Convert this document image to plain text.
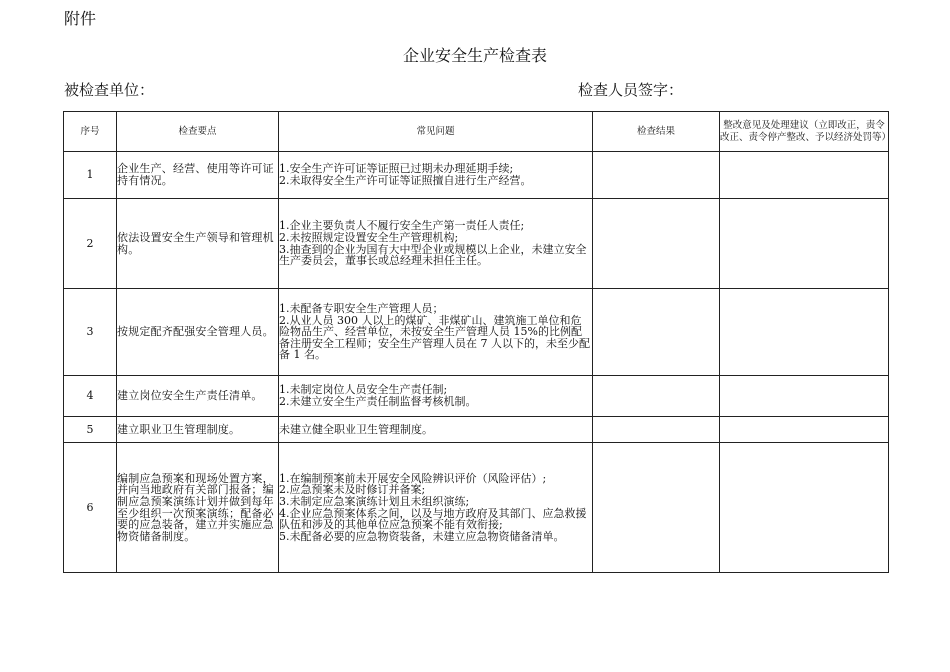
附件
企业安全生产检查表
被检查单位：	检查人员签字：
序号	检查要点	常见问题	检查结果	整改意见及处理建议（立即改正，责令改正、责令停产整改、予以经济处罚等）
1	企业生产、经营、使用等许可证持有情况。	1.安全生产许可证等证照已过期未办理延期手续;
2.未取得安全生产许可证等证照擅自进行生产经营。		

2	依法设置安全生产领导和管理机构。	1.企业主要负责人不履行安全生产第一责任人责任;
2.未按照规定设置安全生产管理机构;
3.抽查到的企业为国有大中型企业或规模以上企业，未建立安全生产委员会，董事长或总经理未担任主任。		

3	按规定配齐配强安全管理人员。	1.未配备专职安全生产管理人员；
2.从业人员 300 人以上的煤矿、非煤矿山、建筑施工单位和危险物品生产、经营单位，未按安全生产管理人员 15%的比例配备注册安全工程师；安全生产管理人员在 7 人以下的，未至少配备 1 名。		

4	建立岗位安全生产责任清单。	1.未制定岗位人员安全生产责任制;
2.未建立安全生产责任制监督考核机制。		

5	建立职业卫生管理制度。	未建立健全职业卫生管理制度。		

6	编制应急预案和现场处置方案，并向当地政府有关部门报备；编制应急预案演练计划并做到每年至少组织一次预案演练；配备必要的应急装备，建立并实施应急物资储备制度。	1.在编制预案前未开展安全风险辨识评价（风险评估）;
2.应急预案未及时修订并备案;
3.未制定应急案演练计划且未组织演练;
4.企业应急预案体系之间，以及与地方政府及其部门、应急救援队伍和涉及的其他单位应急预案不能有效衔接;
5.未配备必要的应急物资装备，未建立应急物资储备清单。		
